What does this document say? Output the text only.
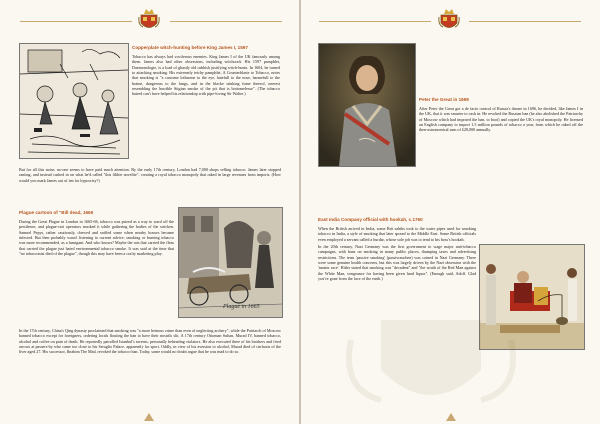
Copperplate witch-hunting before King James I, 1597

Tobacco has always had vociferous enemies. King James I of the UK famously among them. James also had other obsessions, including witchcraft. His 1597 pamphlet, Daemonologie, is a load of ghastly old rubbish justifying witch-hunts. In 1604, he turned to attacking smoking. His extremely tetchy pamphlet, A Counterblaste to Tobacco, notes that smoking is "a custome lothsome to the eye, hatefull to the nose, harmefull to the braine, dangerous to the lungs, and in the blacke stinking fume thereof, neerest resembling the horrible Stigian smoke of the pit that is bottomelesse". (The tobacco hatred can't have helped his relationship with pipe-loving Sir Walter.)

But for all this noise, no-one seems to have paid much attention. By the early 17th century, London had 7,000 shops selling tobacco. James later stopped ranting, and instead cashed in on what he'd called "this filthie novelite", creating a royal tobacco monopoly that raked in large revenues from imports. (How would you mark James out of ten for hypocrisy?)

Plague cartoon of "Bill dead, 1665

During the Great Plague in London in 1665-66, tobacco was prized as a way to ward off the pestilence, and plague-cart operators smoked it while gathering the bodies of the stricken. Samuel Pepys, rather cautiously, chewed and sniffed some when nearby houses became infected. But then probably wasn't listening to current advice; smoking or burning tobacco was more recommended, as a fumigant. And who knows? Maybe the rats that carried the fleas that carried the plague just hated environmental tobacco smoke. It was said at the time that "no tobacconist died of the plague", though this may have been a crafty marketing ploy.

Plague in 1665

In the 17th century, China's Qing dynasty proclaimed that smoking was "a more heinous crime than even of neglecting archery", while the Patriarch of Moscow banned tobacco except for foreigners, ordering locals flouting the ban to have their nostrils slit. A 17th century Ottoman Sultan, Murad IV, banned tobacco, alcohol and coffee on pain of death. He reportedly patrolled Istanbul's taverns, personally beheading violators. He also executed three of his brothers and fired arrows at passers-by who came too close to his Seraglio Palace, apparently for sport. Oddly, in view of his aversion to alcohol, Murad died of cirrhosis of the liver aged 27. His successor, Ibrahim The Mad, revoked the tobacco ban. Today, some would no doubt argue that he was mad to do so.

Peter the Great in 1698

After Peter the Great got a de facto control of Russia's throne in 1696, he decided, like James I in the UK, that it was smarter to cash in. He revoked the Russian ban (he also abolished the Patriarchy of Moscow which had imposed the ban, to boot) and copied the UK's royal monopoly. He licensed an English company to import 1.5 million pounds of tobacco a year, from which he raked off the then-astronomical sum of £28,000 annually.

East India Company official with hookah, c.1760

When the British arrived in India, some Brit sahibs took to the water pipes used for smoking tobacco in India, a style of smoking that later spread to the Middle East. Some British officials even employed a servant called a burdar, whose sole job was to tend to his boss's hookah.

In the 20th century, Nazi Germany was the first government to wage major anti-tobacco campaigns, with bans on smoking in many public places, thumping taxes and advertising restrictions. The term 'passive smoking' (passivrauchen) was coined in Nazi Germany. There were some genuine health concerns, but this was largely driven by the Nazi obsession with the 'master race'. Hitler stated that smoking was "decadent" and "the wrath of the Red Man against the White Man, vengeance for having been given hard liquor". (Enough said, Adolf. Glad you've gone from the face of the earth.)
